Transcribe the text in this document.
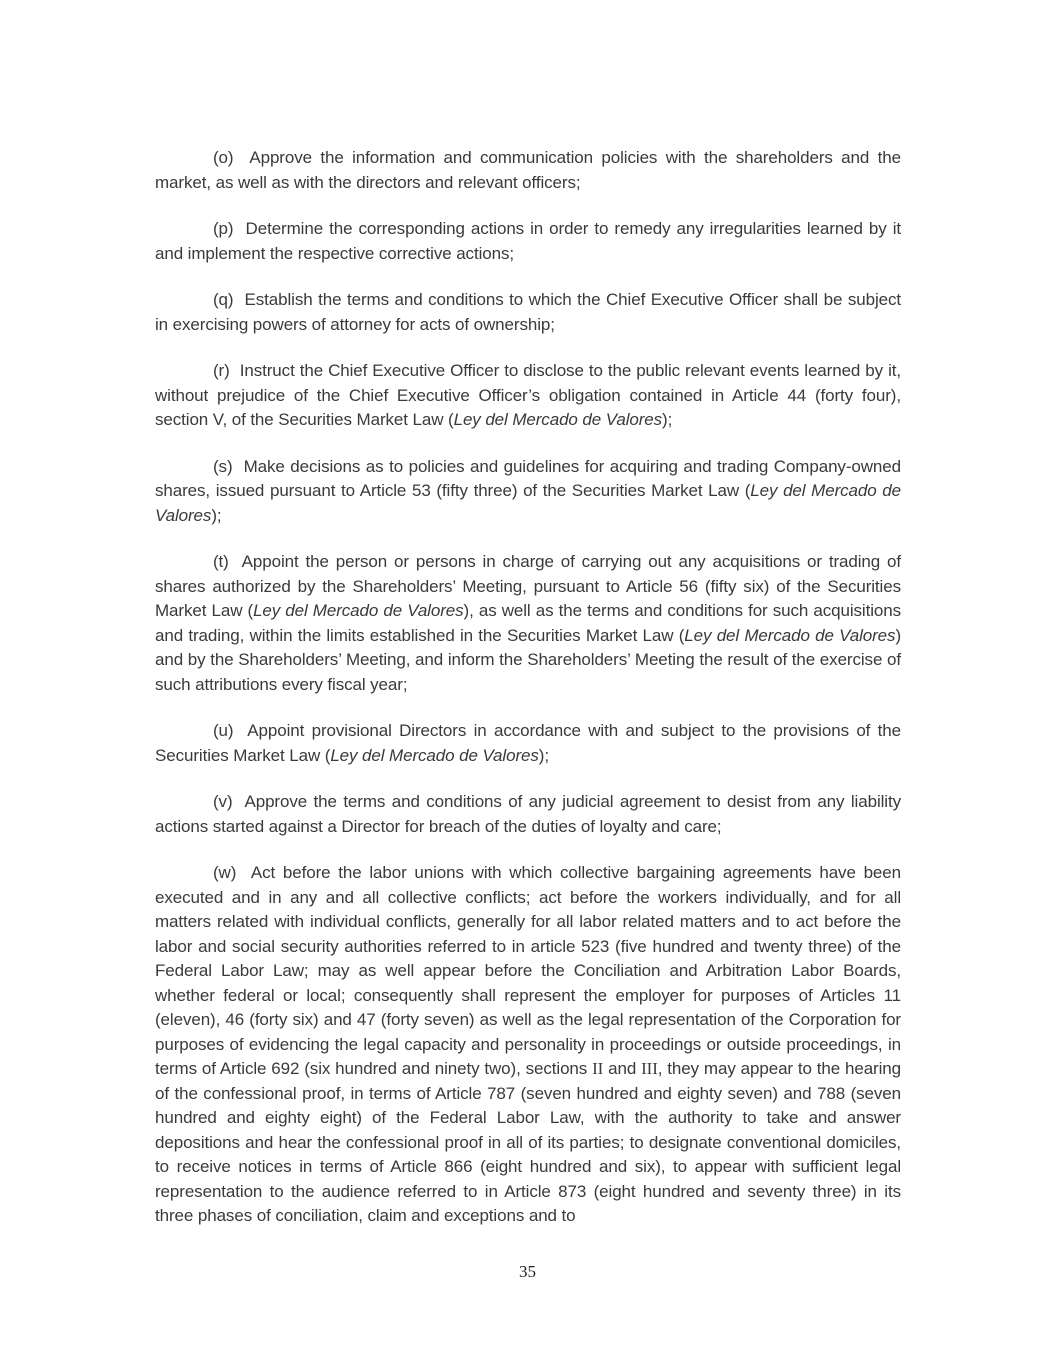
(o) Approve the information and communication policies with the shareholders and the market, as well as with the directors and relevant officers;

(p) Determine the corresponding actions in order to remedy any irregularities learned by it and implement the respective corrective actions;

(q) Establish the terms and conditions to which the Chief Executive Officer shall be subject in exercising powers of attorney for acts of ownership;

(r) Instruct the Chief Executive Officer to disclose to the public relevant events learned by it, without prejudice of the Chief Executive Officer’s obligation contained in Article 44 (forty four), section V, of the Securities Market Law (Ley del Mercado de Valores);

(s) Make decisions as to policies and guidelines for acquiring and trading Company-owned shares, issued pursuant to Article 53 (fifty three) of the Securities Market Law (Ley del Mercado de Valores);

(t) Appoint the person or persons in charge of carrying out any acquisitions or trading of shares authorized by the Shareholders’ Meeting, pursuant to Article 56 (fifty six) of the Securities Market Law (Ley del Mercado de Valores), as well as the terms and conditions for such acquisitions and trading, within the limits established in the Securities Market Law (Ley del Mercado de Valores) and by the Shareholders’ Meeting, and inform the Shareholders’ Meeting the result of the exercise of such attributions every fiscal year;

(u) Appoint provisional Directors in accordance with and subject to the provisions of the Securities Market Law (Ley del Mercado de Valores);

(v) Approve the terms and conditions of any judicial agreement to desist from any liability actions started against a Director for breach of the duties of loyalty and care;

(w) Act before the labor unions with which collective bargaining agreements have been executed and in any and all collective conflicts; act before the workers individually, and for all matters related with individual conflicts, generally for all labor related matters and to act before the labor and social security authorities referred to in article 523 (five hundred and twenty three) of the Federal Labor Law; may as well appear before the Conciliation and Arbitration Labor Boards, whether federal or local; consequently shall represent the employer for purposes of Articles 11 (eleven), 46 (forty six) and 47 (forty seven) as well as the legal representation of the Corporation for purposes of evidencing the legal capacity and personality in proceedings or outside proceedings, in terms of Article 692 (six hundred and ninety two), sections II and III, they may appear to the hearing of the confessional proof, in terms of Article 787 (seven hundred and eighty seven) and 788 (seven hundred and eighty eight) of the Federal Labor Law, with the authority to take and answer depositions and hear the confessional proof in all of its parties; to designate conventional domiciles, to receive notices in terms of Article 866 (eight hundred and six), to appear with sufficient legal representation to the audience referred to in Article 873 (eight hundred and seventy three) in its three phases of conciliation, claim and exceptions and to

35
